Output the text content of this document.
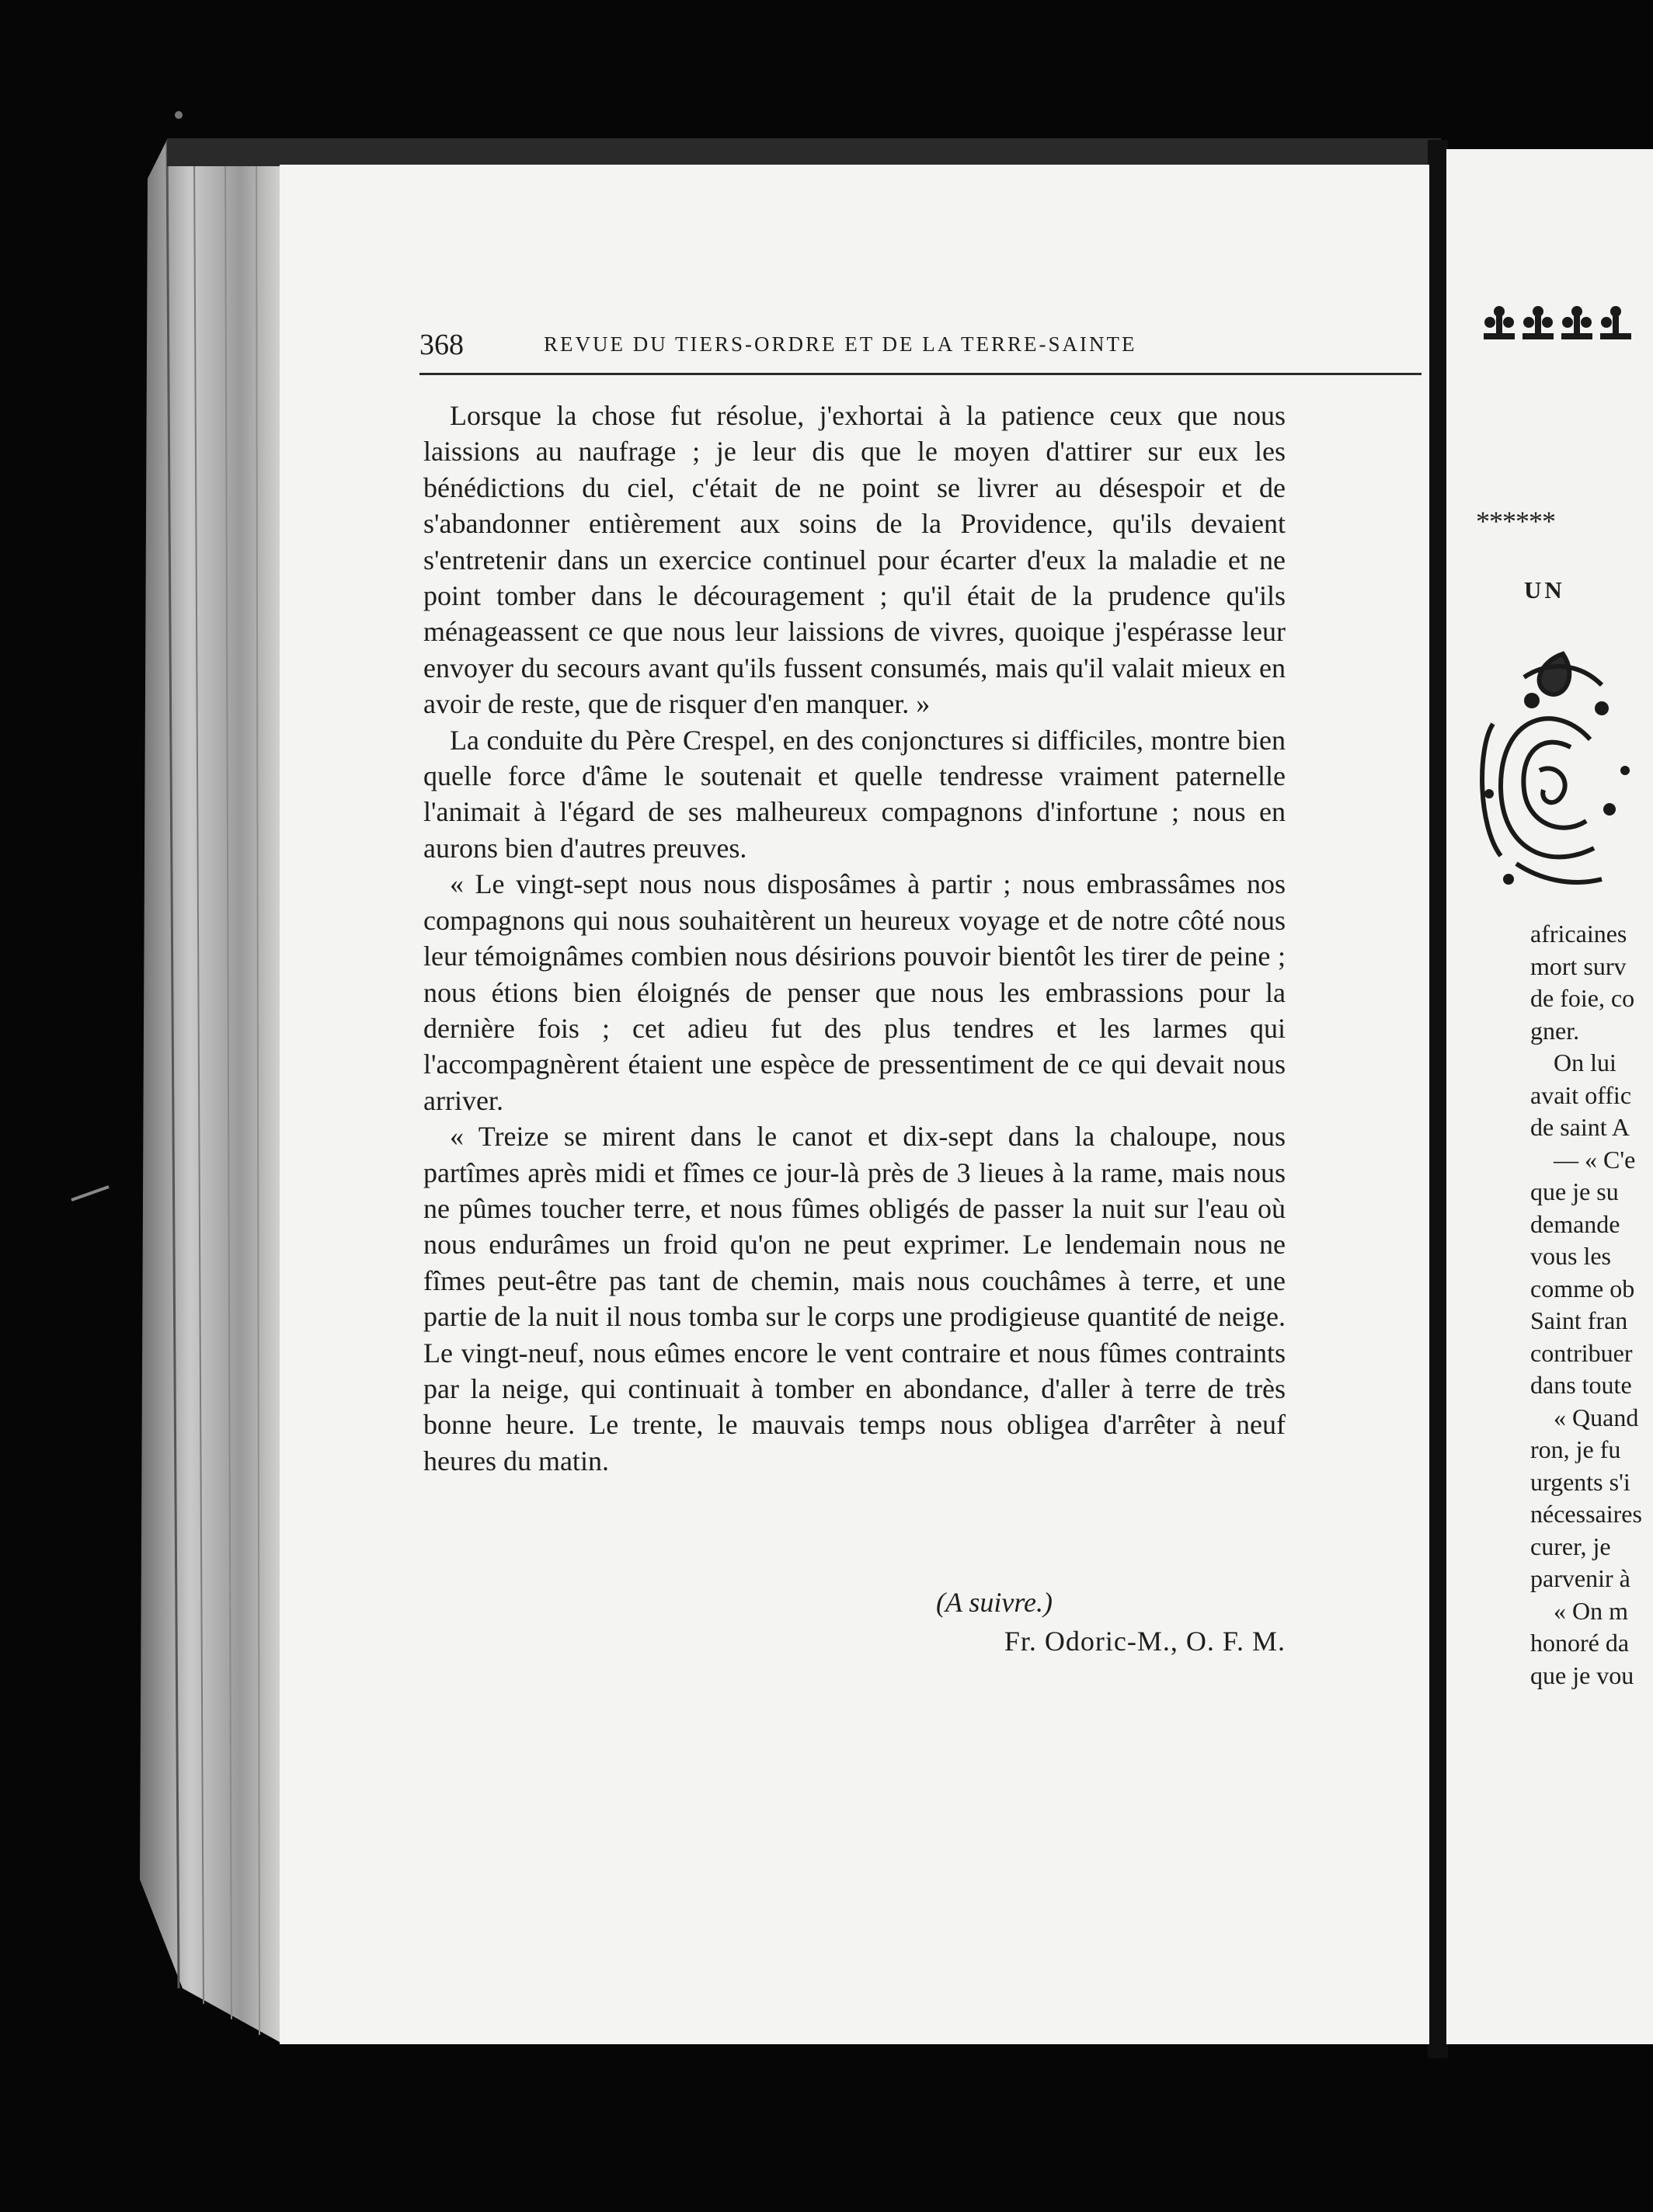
368	REVUE DU TIERS-ORDRE ET DE LA TERRE-SAINTE

Lorsque la chose fut résolue, j'exhortai à la patience ceux que nous laissions au naufrage ; je leur dis que le moyen d'attirer sur eux les bénédictions du ciel, c'était de ne point se livrer au désespoir et de s'abandonner entièrement aux soins de la Providence, qu'ils devaient s'entretenir dans un exercice continuel pour écarter d'eux la maladie et ne point tomber dans le découragement ; qu'il était de la prudence qu'ils ménageassent ce que nous leur laissions de vivres, quoique j'espérasse leur envoyer du secours avant qu'ils fussent consumés, mais qu'il valait mieux en avoir de reste, que de risquer d'en manquer. »

La conduite du Père Crespel, en des conjonctures si difficiles, montre bien quelle force d'âme le soutenait et quelle tendresse vraiment paternelle l'animait à l'égard de ses malheureux compagnons d'infortune ; nous en aurons bien d'autres preuves.

« Le vingt-sept nous nous disposâmes à partir ; nous embrassâmes nos compagnons qui nous souhaitèrent un heureux voyage et de notre côté nous leur témoignâmes combien nous désirions pouvoir bientôt les tirer de peine ; nous étions bien éloignés de penser que nous les embrassions pour la dernière fois ; cet adieu fut des plus tendres et les larmes qui l'accompagnèrent étaient une espèce de pressentiment de ce qui devait nous arriver.

« Treize se mirent dans le canot et dix-sept dans la chaloupe, nous partîmes après midi et fîmes ce jour-là près de 3 lieues à la rame, mais nous ne pûmes toucher terre, et nous fûmes obligés de passer la nuit sur l'eau où nous endurâmes un froid qu'on ne peut exprimer. Le lendemain nous ne fîmes peut-être pas tant de chemin, mais nous couchâmes à terre, et une partie de la nuit il nous tomba sur le corps une prodigieuse quantité de neige. Le vingt-neuf, nous eûmes encore le vent contraire et nous fûmes contraints par la neige, qui continuait à tomber en abondance, d'aller à terre de très bonne heure. Le trente, le mauvais temps nous obligea d'arrêter à neuf heures du matin.

(A suivre.)
Fr. Odoric-M., O. F. M.
******
UN
africaines
mort surv
de foie, co
gner.
On lui
avait offic
de saint A
— « C'e
que je su
demande
vous les
comme ob
Saint fran
contribuer
dans toute
« Quand
ron, je fu
urgents s'i
nécessaires
curer, je
parvenir à
« On m
honoré da
que je vou
